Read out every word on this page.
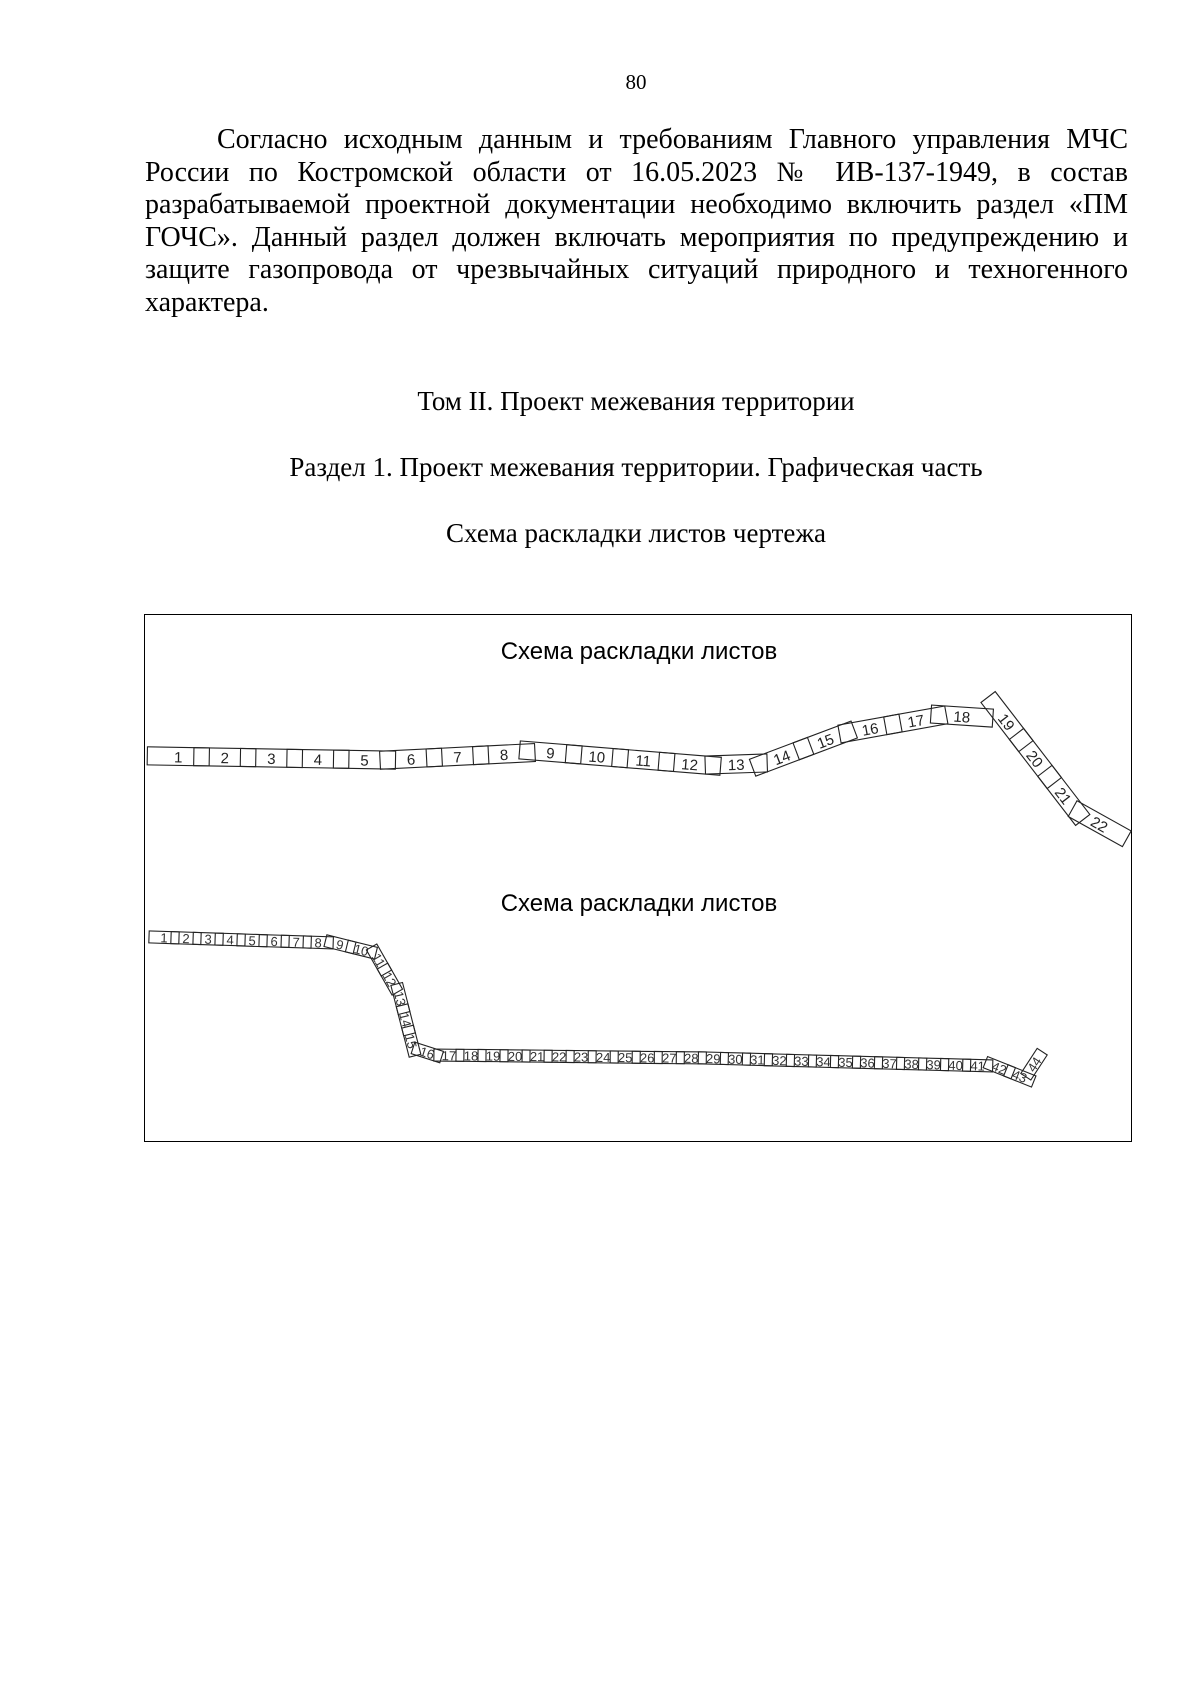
80

Согласно исходным данным и требованиям Главного управления МЧС России по Костромской области от 16.05.2023 № ИВ-137-1949, в состав разрабатываемой проектной документации необходимо включить раздел «ПМ ГОЧС». Данный раздел должен включать мероприятия по предупреждению и защите газопровода от чрезвычайных ситуаций природного и техногенного характера.

Том II. Проект межевания территории
Раздел 1. Проект межевания территории. Графическая часть
Схема раскладки листов чертежа
Схема раскладки листов
1	2	3	4	5	6 7 8 9 10 11 12 13 14
15
16 17 18 19
20
21
22
Схема раскладки листов
1 2 3 4 5 6 7 8 9 10
11
12
13
14
15
16 17 18 19 20 21 22 23 24 25 26 27 28 29 30 31 32 33 34 35 36 37 38 39 40 41 42 43
44
